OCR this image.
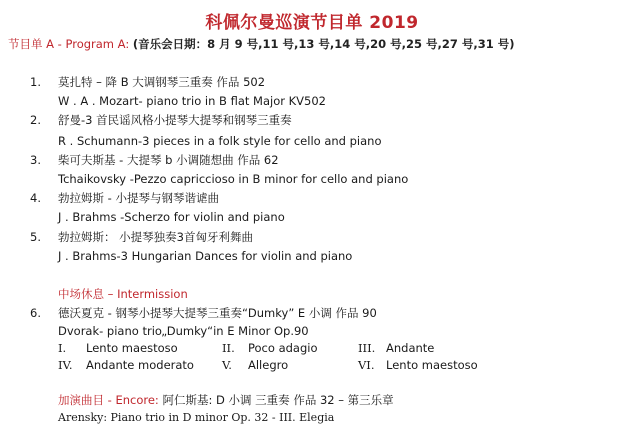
科佩尔曼巡演节目单 2019
节目单 A - Program A: (音乐会日期：8 月 9 号,11 号,13 号,14 号,20 号,25 号,27 号,31 号)
1. 莫扎特 – 降 B 大调钢琴三重奏 作品 502
W . A . Mozart- piano trio in B flat Major KV502
2. 舒曼-3 首民谣风格小提琴大提琴和钢琴三重奏
R . Schumann-3 pieces in a folk style for cello and piano
3. 柴可夫斯基 - 大提琴 b 小调随想曲 作品 62
Tchaikovsky -Pezzo capriccioso in B minor for cello and piano
4. 勃拉姆斯 - 小提琴与钢琴谐谑曲
J . Brahms -Scherzo for violin and piano
5. 勃拉姆斯： 小提琴独奏3首匈牙利舞曲
J . Brahms-3 Hungarian Dances for violin and piano
中场休息 – Intermission
6. 德沃夏克 - 钢琴小提琴大提琴三重奏“Dumky” E 小调 作品 90
Dvorak- piano trio„Dumky“in E Minor Op.90
I. Lento maestoso	II. Poco adagio	III. Andante
IV. Andante moderato V. Allegro	VI. Lento maestoso
加演曲目 - Encore: 阿仁斯基: D 小调 三重奏 作品 32 – 第三乐章
Arensky: Piano trio in D minor Op. 32 - III. Elegia
